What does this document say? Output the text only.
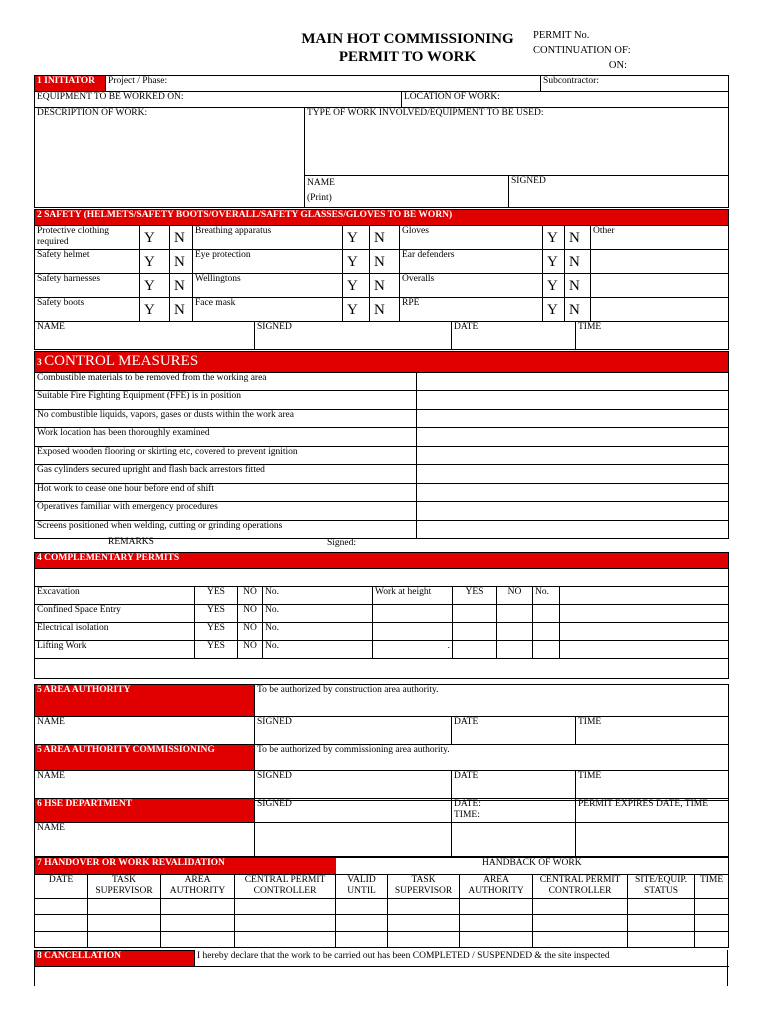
MAIN HOT COMMISSIONING
PERMIT TO WORK
PERMIT No.
CONTINUATION OF:
ON:
1 INITIATOR	Project / Phase:				Subcontractor:
EQUIPMENT TO BE WORKED ON:			LOCATION OF WORK:		
DESCRIPTION OF WORK:		TYPE OF WORK INVOLVED/EQUIPMENT TO BE USED:			

		NAME
(Print)		SIGNED	
2 SAFETY (HELMETS/SAFETY BOOTS/OVERALL/SAFETY GLASSES/GLOVES TO BE WORN)									
Protective clothing required	Y	N	Breathing apparatus	Y	N	Gloves	Y	N	Other
Safety helmet	Y	N	Eye protection	Y	N	Ear defenders	Y	N	
Safety harnesses	Y	N	Wellingtons	Y	N	Overalls	Y	N	
Safety boots	Y	N	Face mask	Y	N	RPE	Y	N	
NAME	SIGNED	DATE	TIME
3 CONTROL MEASURES	
Combustible materials to be removed from the working area	
Suitable Fire Fighting Equipment (FFE) is in position	
No combustible liquids, vapors, gases or dusts within the work area	
Work location has been thoroughly examined	
Exposed wooden flooring or skirting etc, covered to prevent ignition	
Gas cylinders secured upright and flash back arrestors fitted	
Hot work to cease one hour before end of shift	
Operatives familiar with emergency procedures	
Screens positioned when welding, cutting or grinding operations	
REMARKS	Signed:
4 COMPLEMENTARY PERMITS								

Excavation	YES	NO	No.	Work at height	YES	NO	No.	
Confined Space Entry	YES	NO	No.					
Electrical isolation	YES	NO	No.					
Lifting Work	YES	NO	No.	.				

5 AREA AUTHORITY	To be authorized by construction area authority.		
NAME	SIGNED	DATE	TIME
5 AREA AUTHORITY COMMISSIONING	To be authorized by commissioning area authority.		
NAME	SIGNED	DATE	TIME
6 HSE DEPARTMENT	SIGNED	DATE:
TIME:	PERMIT EXPIRES DATE, TIME
NAME			
7 HANDOVER OR WORK REVALIDATION				HANDBACK OF WORK					
DATE	TASK SUPERVISOR	AREA AUTHORITY	CENTRAL PERMIT CONTROLLER	VALID UNTIL	TASK SUPERVISOR	AREA AUTHORITY	CENTRAL PERMIT CONTROLLER	SITE/EQUIP. STATUS	TIME

8 CANCELLATION	I hereby declare that the work to be carried out has been COMPLETED / SUSPENDED & the site inspected
